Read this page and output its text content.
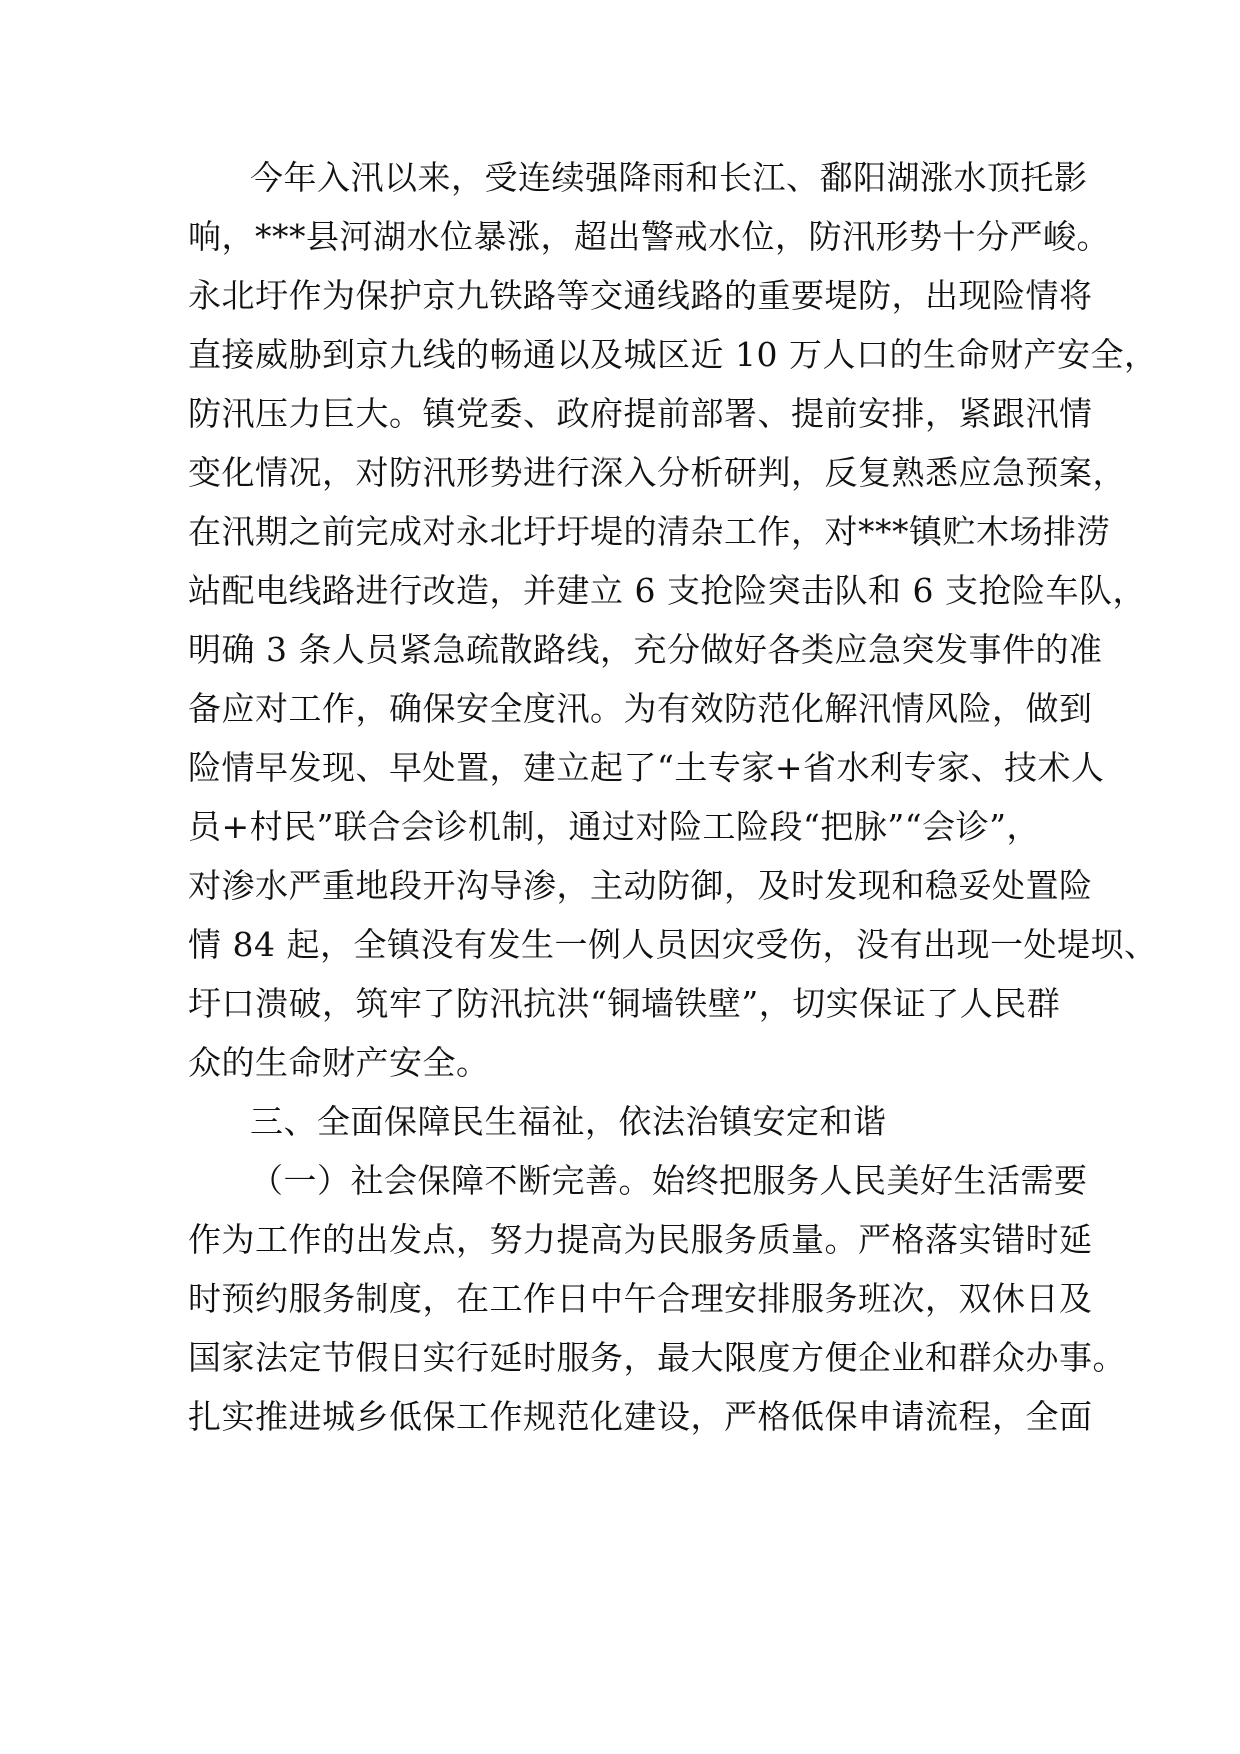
今年入汛以来，受连续强降雨和长江、鄱阳湖涨水顶托影
响，***县河湖水位暴涨，超出警戒水位，防汛形势十分严峻。
永北圩作为保护京九铁路等交通线路的重要堤防，出现险情将
直接威胁到京九线的畅通以及城区近 10 万人口的生命财产安全，
防汛压力巨大。镇党委、政府提前部署、提前安排，紧跟汛情
变化情况，对防汛形势进行深入分析研判，反复熟悉应急预案，
在汛期之前完成对永北圩圩堤的清杂工作，对***镇贮木场排涝
站配电线路进行改造，并建立 6 支抢险突击队和 6 支抢险车队，
明确 3 条人员紧急疏散路线，充分做好各类应急突发事件的准
备应对工作，确保安全度汛。为有效防范化解汛情风险，做到
险情早发现、早处置，建立起了“土专家+省水利专家、技术人
员+村民”联合会诊机制，通过对险工险段“把脉”“会诊”，
对渗水严重地段开沟导渗，主动防御，及时发现和稳妥处置险
情 84 起，全镇没有发生一例人员因灾受伤，没有出现一处堤坝、
圩口溃破，筑牢了防汛抗洪“铜墙铁壁”，切实保证了人民群
众的生命财产安全。
三、全面保障民生福祉，依法治镇安定和谐
（一）社会保障不断完善。始终把服务人民美好生活需要
作为工作的出发点，努力提高为民服务质量。严格落实错时延
时预约服务制度，在工作日中午合理安排服务班次，双休日及
国家法定节假日实行延时服务，最大限度方便企业和群众办事。
扎实推进城乡低保工作规范化建设，严格低保申请流程，全面
